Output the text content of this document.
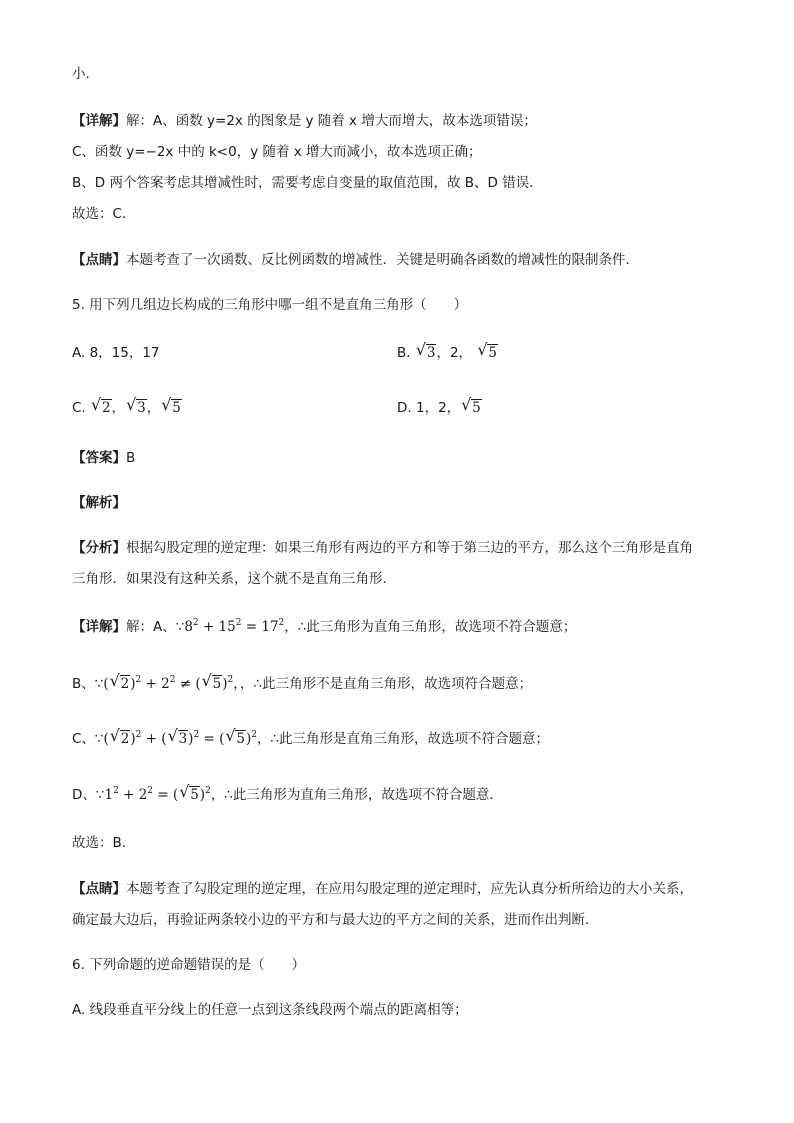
小.
【详解】解：A、函数 y=2x 的图象是 y 随着 x 增大而增大，故本选项错误；
C、函数 y=−2x 中的 k<0，y 随着 x 增大而减小，故本选项正确；
B、D 两个答案考虑其增减性时，需要考虑自变量的取值范围，故 B、D 错误．
故选：C．
【点睛】本题考查了一次函数、反比例函数的增减性．关键是明确各函数的增减性的限制条件．
5. 用下列几组边长构成的三角形中哪一组不是直角三角形（　　）
A. 8，15，17	B. √ 3，2， √ 5
C. √ 2， √ 3， √ 5	D. 1，2， √ 5
【答案】B
【解析】
【分析】根据勾股定理的逆定理：如果三角形有两边的平方和等于第三边的平方，那么这个三角形是直角
三角形．如果没有这种关系，这个就不是直角三角形．
【详解】解：A、$\because 8^2 + 15^2 = 17^2$，∴此三角形为直角三角形，故选项不符合题意；
B、∵( √ $2)^2 + 2^2$ ≠ ( √ 5)$^2$，，∴此三角形不是直角三角形，故选项符合题意；
C、∵( √ 2)$^2$ + ( √ 3)$^2$ = ( √ 5)$^2$，∴此三角形是直角三角形，故选项不符合题意；
D、$\because 1^2 + 2^2$ = ( √ 5)$^2$，∴此三角形为直角三角形，故选项不符合题意．
故选：B．
【点睛】本题考查了勾股定理的逆定理，在应用勾股定理的逆定理时，应先认真分析所给边的大小关系，
确定最大边后，再验证两条较小边的平方和与最大边的平方之间的关系，进而作出判断．
6. 下列命题的逆命题错误的是（　　）
A. 线段垂直平分线上的任意一点到这条线段两个端点的距离相等；
